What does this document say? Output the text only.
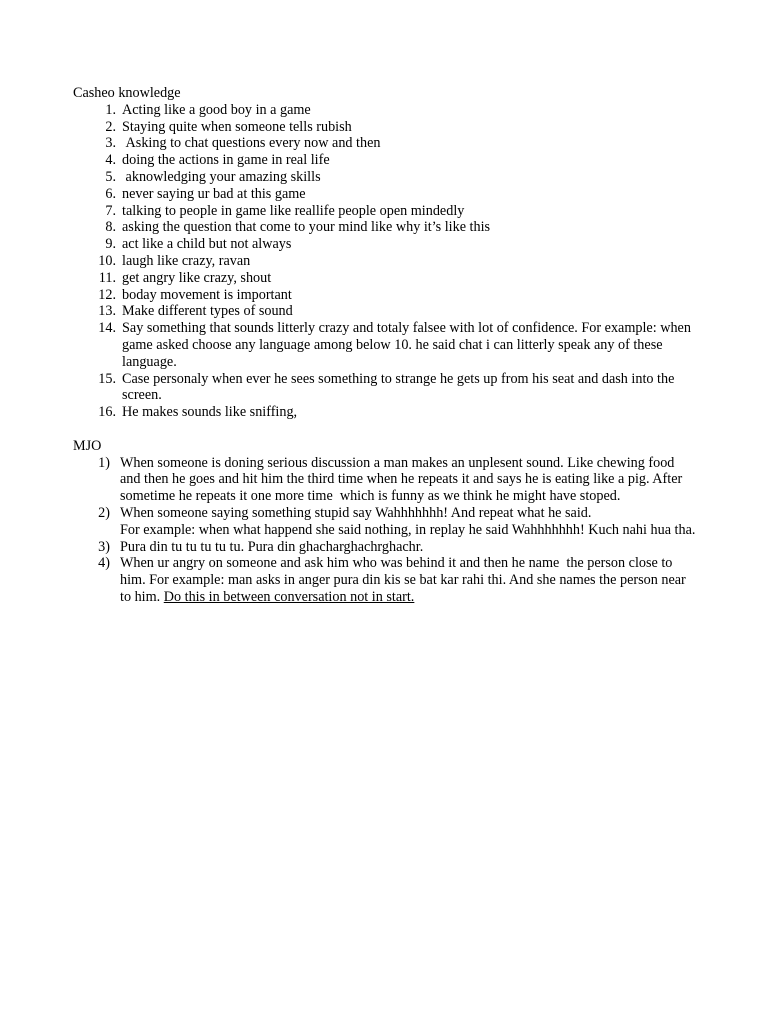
Casheo knowledge

1. Acting like a good boy in a game
2. Staying quite when someone tells rubish
3. Asking to chat questions every now and then
4. doing the actions in game in real life
5. aknowledging your amazing skills
6. never saying ur bad at this game
7. talking to people in game like reallife people open mindedly
8. asking the question that come to your mind like why it’s like this
9. act like a child but not always
10. laugh like crazy, ravan
11. get angry like crazy, shout
12. boday movement is important
13. Make different types of sound
14. Say something that sounds litterly crazy and totaly falsee with lot of confidence. For example: when game asked choose any language among below 10. he said chat i can litterly speak any of these language.
15. Case personaly when ever he sees something to strange he gets up from his seat and dash into the screen.
16. He makes sounds like sniffing,

MJO

1) When someone is doning serious discussion a man makes an unplesent sound. Like chewing food and then he goes and hit him the third time when he repeats it and says he is eating like a pig. After sometime he repeats it one more time  which is funny as we think he might have stoped.
2) When someone saying something stupid say Wahhhhhhh! And repeat what he said.
For example: when what happend she said nothing, in replay he said Wahhhhhhh! Kuch nahi hua tha.
3) Pura din tu tu tu tu tu. Pura din ghacharghachrghachr.
4) When ur angry on someone and ask him who was behind it and then he name  the person close to him. For example: man asks in anger pura din kis se bat kar rahi thi. And she names the person near to him. Do this in between conversation not in start.
